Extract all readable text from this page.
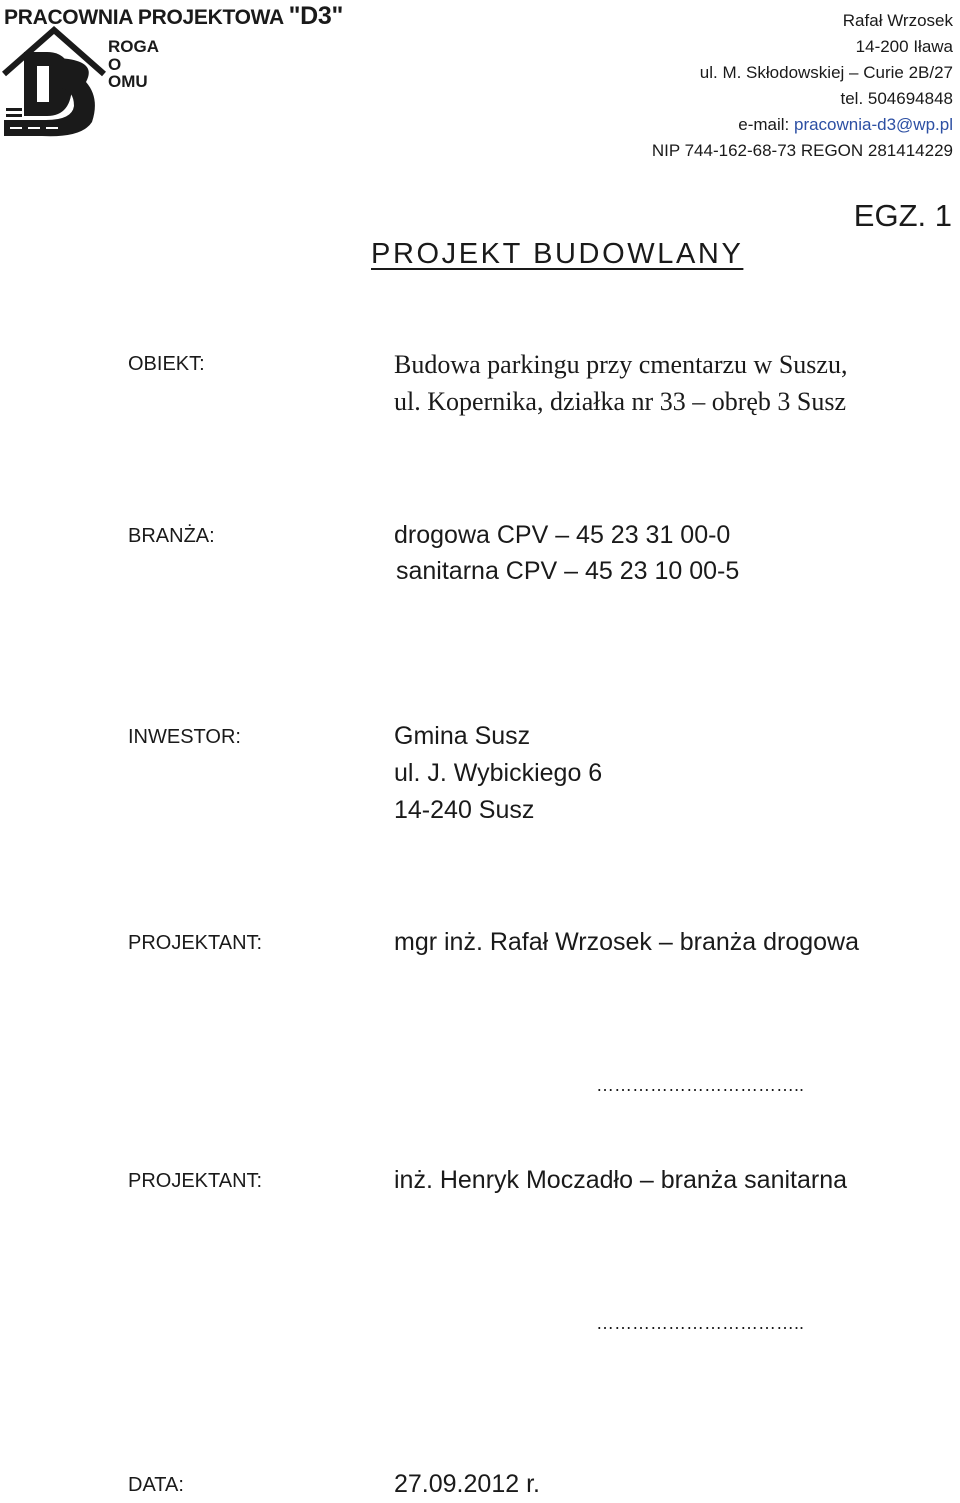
PRACOWNIA PROJEKTOWA "D3"
ROGA
O
OMU
Rafał Wrzosek
14-200 Iława
ul. M. Skłodowskiej – Curie 2B/27
tel. 504694848
e-mail: pracownia-d3@wp.pl
NIP 744-162-68-73 REGON 281414229
EGZ. 1
PROJEKT BUDOWLANY
OBIEKT:	Budowa parkingu przy cmentarzu w Suszu,
ul. Kopernika, działka nr 33 – obręb 3 Susz
BRANŻA:	drogowa CPV – 45 23 31 00-0
sanitarna CPV – 45 23 10 00-5
INWESTOR:	Gmina Susz
ul. J. Wybickiego 6
14-240 Susz
PROJEKTANT:	mgr inż. Rafał Wrzosek – branża drogowa
……………………………..
PROJEKTANT:	inż. Henryk Moczadło – branża sanitarna
……………………………..
DATA:	27.09.2012 r.
